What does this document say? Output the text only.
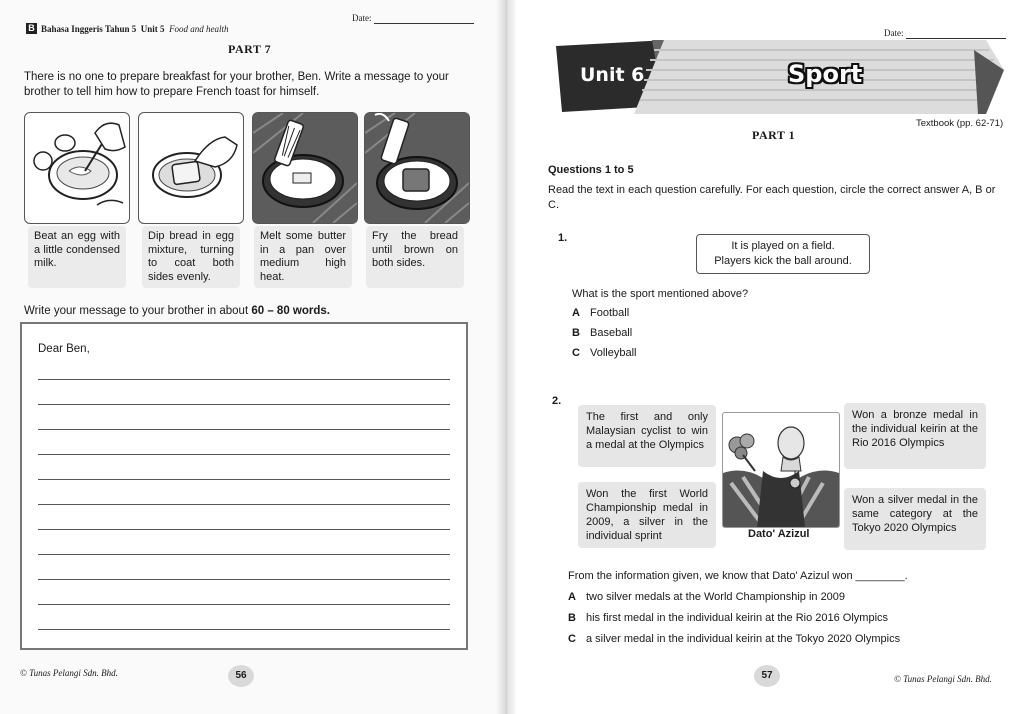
B Bahasa Inggeris Tahun 5 Unit 5 Food and health
Date:
PART 7
There is no one to prepare breakfast for your brother, Ben. Write a message to your brother to tell him how to prepare French toast for himself.
Beat an egg with a little condensed milk.
Dip bread in egg mixture, turning to coat both sides evenly.
Melt some butter in a pan over medium high heat.
Fry the bread until brown on both sides.
Write your message to your brother in about 60 – 80 words.
Dear Ben,
© Tunas Pelangi Sdn. Bhd.	56
Date:
Unit 6	Sport
Textbook (pp. 62-71)
PART 1
Questions 1 to 5
Read the text in each question carefully. For each question, circle the correct answer A, B or C.
1.
It is played on a field.
Players kick the ball around.
What is the sport mentioned above?
A Football
B Baseball
C Volleyball
2.
The first and only Malaysian cyclist to win a medal at the Olympics
Won the first World Championship medal in 2009, a silver in the individual sprint
Won a bronze medal in the individual keirin at the Rio 2016 Olympics
Won a silver medal in the same category at the Tokyo 2020 Olympics
Dato' Azizul
From the information given, we know that Dato' Azizul won ________.
A two silver medals at the World Championship in 2009
B his first medal in the individual keirin at the Rio 2016 Olympics
C a silver medal in the individual keirin at the Tokyo 2020 Olympics
57	© Tunas Pelangi Sdn. Bhd.
